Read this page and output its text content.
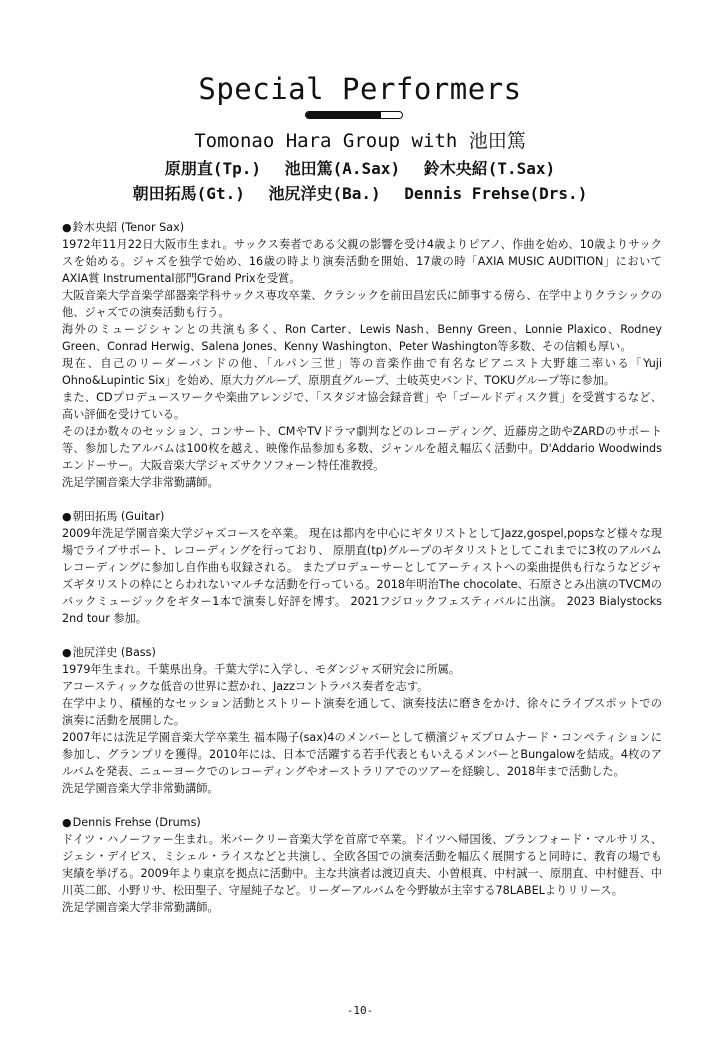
Special Performers
Tomonao Hara Group with 池田篤
原朋直(Tp.) 池田篤(A.Sax) 鈴木央紹(T.Sax)
朝田拓馬(Gt.) 池尻洋史(Ba.) Dennis Frehse(Drs.)
●鈴木央紹 (Tenor Sax)

1972年11月22日大阪市生まれ。サックス奏者である父親の影響を受け4歳よりピアノ、作曲を始め、10歳よりサックスを始める。ジャズを独学で始め、16歳の時より演奏活動を開始、17歳の時「AXIA MUSIC AUDITION」においてAXIA賞 Instrumental部門Grand Prixを受賞。

大阪音楽大学音楽学部器楽学科サックス専攻卒業、クラシックを前田昌宏氏に師事する傍ら、在学中よりクラシックの他、ジャズでの演奏活動も行う。

海外のミュージシャンとの共演も多く、Ron Carter、Lewis Nash、Benny Green、Lonnie Plaxico、Rodney Green、Conrad Herwig、Salena Jones、Kenny Washington、Peter Washington等多数、その信頼も厚い。

現在、自己のリーダーバンドの他、「ルパン三世」等の音楽作曲で有名なピアニスト大野雄二率いる「Yuji Ohno&Lupintic Six」を始め、原大力グループ、原朋直グループ、土岐英史バンド、TOKUグループ等に参加。

また、CDプロデュースワークや楽曲アレンジで、「スタジオ協会録音賞」や「ゴールドディスク賞」を受賞するなど、高い評価を受けている。

そのほか数々のセッション、コンサート、CMやTVドラマ劇判などのレコーディング、近藤房之助やZARDのサポート等、参加したアルバムは100枚を越え、映像作品参加も多数、ジャンルを超え幅広く活動中。D'Addario Woodwinds エンドーサー。大阪音楽大学ジャズサクソフォーン特任准教授。

洗足学園音楽大学非常勤講師。

●朝田拓馬 (Guitar)

2009年洗足学園音楽大学ジャズコースを卒業。 現在は都内を中心にギタリストとしてJazz,gospel,popsなど様々な現場でライブサポート、レコーディングを行っており、 原朋直(tp)グループのギタリストとしてこれまでに3枚のアルバムレコーディングに参加し自作曲も収録される。 またプロデューサーとしてアーティストへの楽曲提供も行なうなどジャズギタリストの枠にとらわれないマルチな活動を行っている。2018年明治The chocolate、石原さとみ出演のTVCMのバックミュージックをギター1本で演奏し好評を博す。 2021フジロックフェスティバルに出演。 2023 Bialystocks 2nd tour 参加。

●池尻洋史 (Bass)

1979年生まれ。千葉県出身。千葉大学に入学し、モダンジャズ研究会に所属。

アコースティックな低音の世界に惹かれ、Jazzコントラバス奏者を志す。

在学中より、積極的なセッション活動とストリート演奏を通して、演奏技法に磨きをかけ、徐々にライブスポットでの演奏に活動を展開した。

2007年には洗足学園音楽大学卒業生 福本陽子(sax)4のメンバーとして横濱ジャズプロムナード・コンペティションに参加し、グランプリを獲得。2010年には、日本で活躍する若手代表ともいえるメンバーとBungalowを結成。4枚のアルバムを発表、ニューヨークでのレコーディングやオーストラリアでのツアーを経験し、2018年まで活動した。

洗足学園音楽大学非常勤講師。

●Dennis Frehse (Drums)

ドイツ・ハノーファー生まれ。米バークリー音楽大学を首席で卒業。ドイツへ帰国後、ブランフォード・マルサリス、ジェシ・デイビス、ミシェル・ライスなどと共演し、全欧各国での演奏活動を幅広く展開すると同時に、教育の場でも実績を挙げる。2009年より東京を拠点に活動中。主な共演者は渡辺貞夫、小曽根真、中村誠一、原朋直、中村健吾、中川英二郎、小野リサ、松田聖子、守屋純子など。リーダーアルバムを今野敏が主宰する78LABELよりリリース。

洗足学園音楽大学非常勤講師。

-10-
